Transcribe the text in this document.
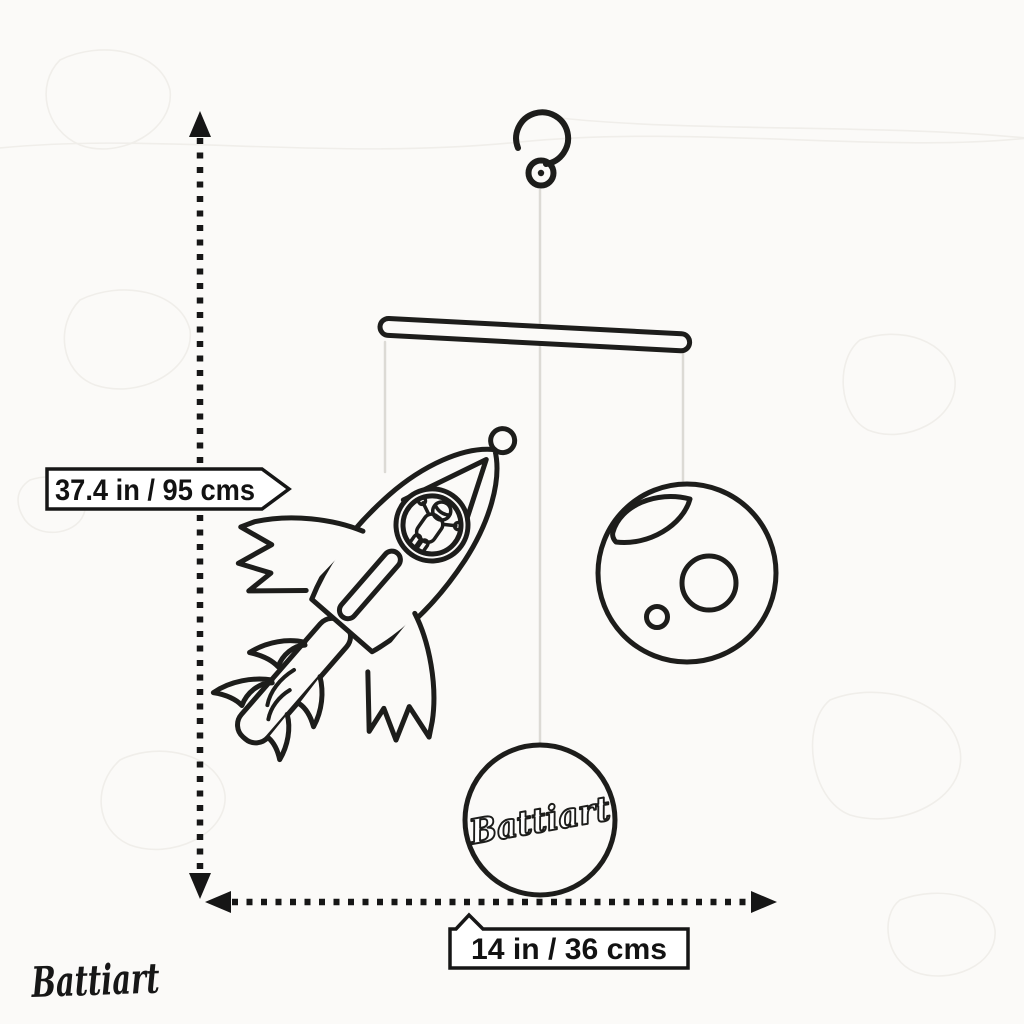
Battiart
37.4 in / 95 cms
14 in / 36 cms
Battiart
